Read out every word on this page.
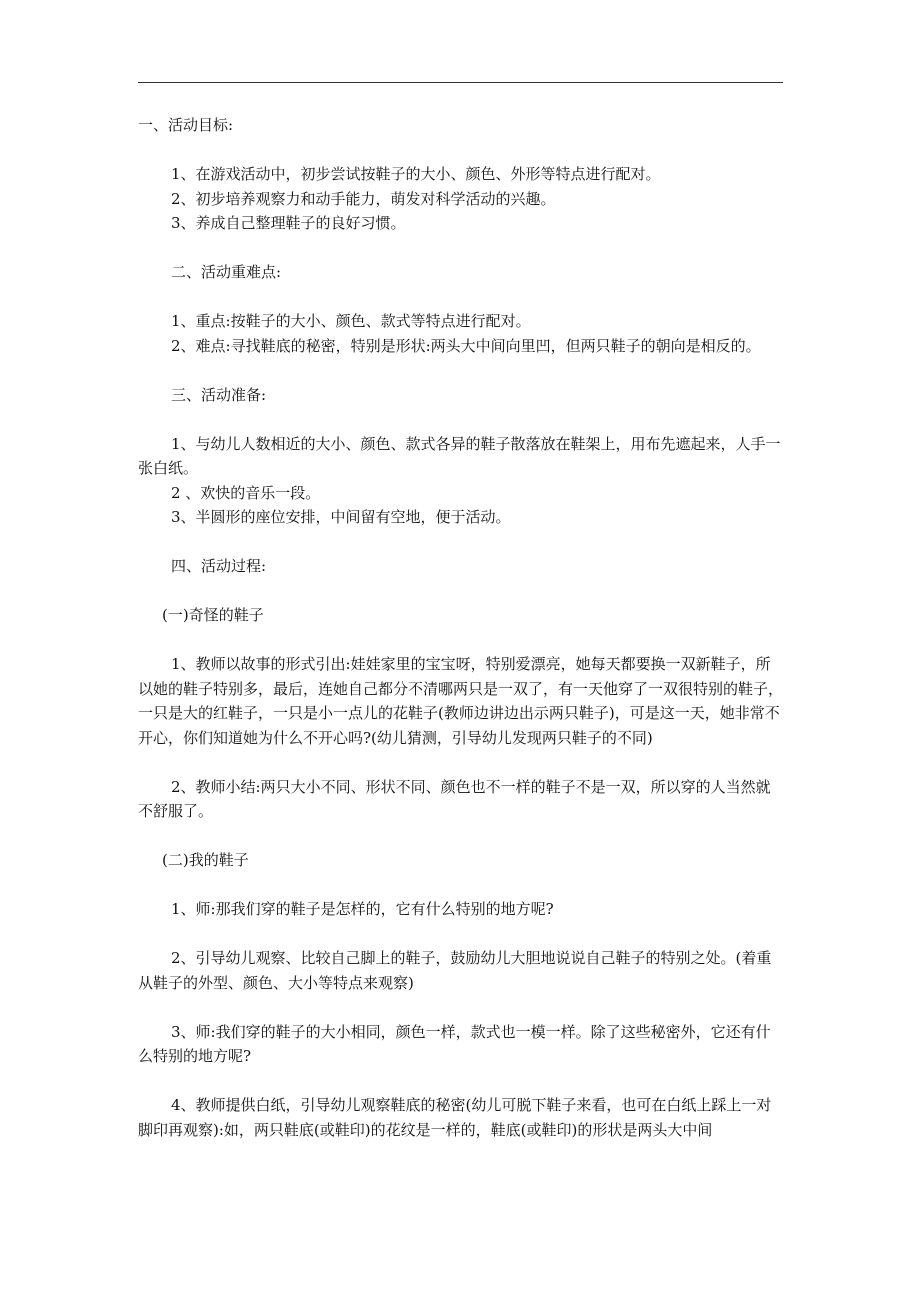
一、活动目标:

1、在游戏活动中，初步尝试按鞋子的大小、颜色、外形等特点进行配对。

2、初步培养观察力和动手能力，萌发对科学活动的兴趣。

3、养成自己整理鞋子的良好习惯。

二、活动重难点:

1、重点:按鞋子的大小、颜色、款式等特点进行配对。

2、难点:寻找鞋底的秘密，特别是形状:两头大中间向里凹，但两只鞋子的朝向是相反的。

三、活动准备:

1、与幼儿人数相近的大小、颜色、款式各异的鞋子散落放在鞋架上，用布先遮起来，人手一张白纸。

2 、欢快的音乐一段。

3、半圆形的座位安排，中间留有空地，便于活动。

四、活动过程:

(一)奇怪的鞋子

1、教师以故事的形式引出:娃娃家里的宝宝呀，特别爱漂亮，她每天都要换一双新鞋子，所以她的鞋子特别多，最后，连她自己都分不清哪两只是一双了，有一天他穿了一双很特别的鞋子，一只是大的红鞋子，一只是小一点儿的花鞋子(教师边讲边出示两只鞋子)，可是这一天，她非常不开心，你们知道她为什么不开心吗?(幼儿猜测，引导幼儿发现两只鞋子的不同)

2、教师小结:两只大小不同、形状不同、颜色也不一样的鞋子不是一双，所以穿的人当然就不舒服了。

(二)我的鞋子

1、师:那我们穿的鞋子是怎样的，它有什么特别的地方呢?

2、引导幼儿观察、比较自己脚上的鞋子，鼓励幼儿大胆地说说自己鞋子的特别之处。(着重从鞋子的外型、颜色、大小等特点来观察)

3、师:我们穿的鞋子的大小相同，颜色一样，款式也一模一样。除了这些秘密外，它还有什么特别的地方呢?

4、教师提供白纸，引导幼儿观察鞋底的秘密(幼儿可脱下鞋子来看，也可在白纸上踩上一对脚印再观察):如，两只鞋底(或鞋印)的花纹是一样的，鞋底(或鞋印)的形状是两头大中间
